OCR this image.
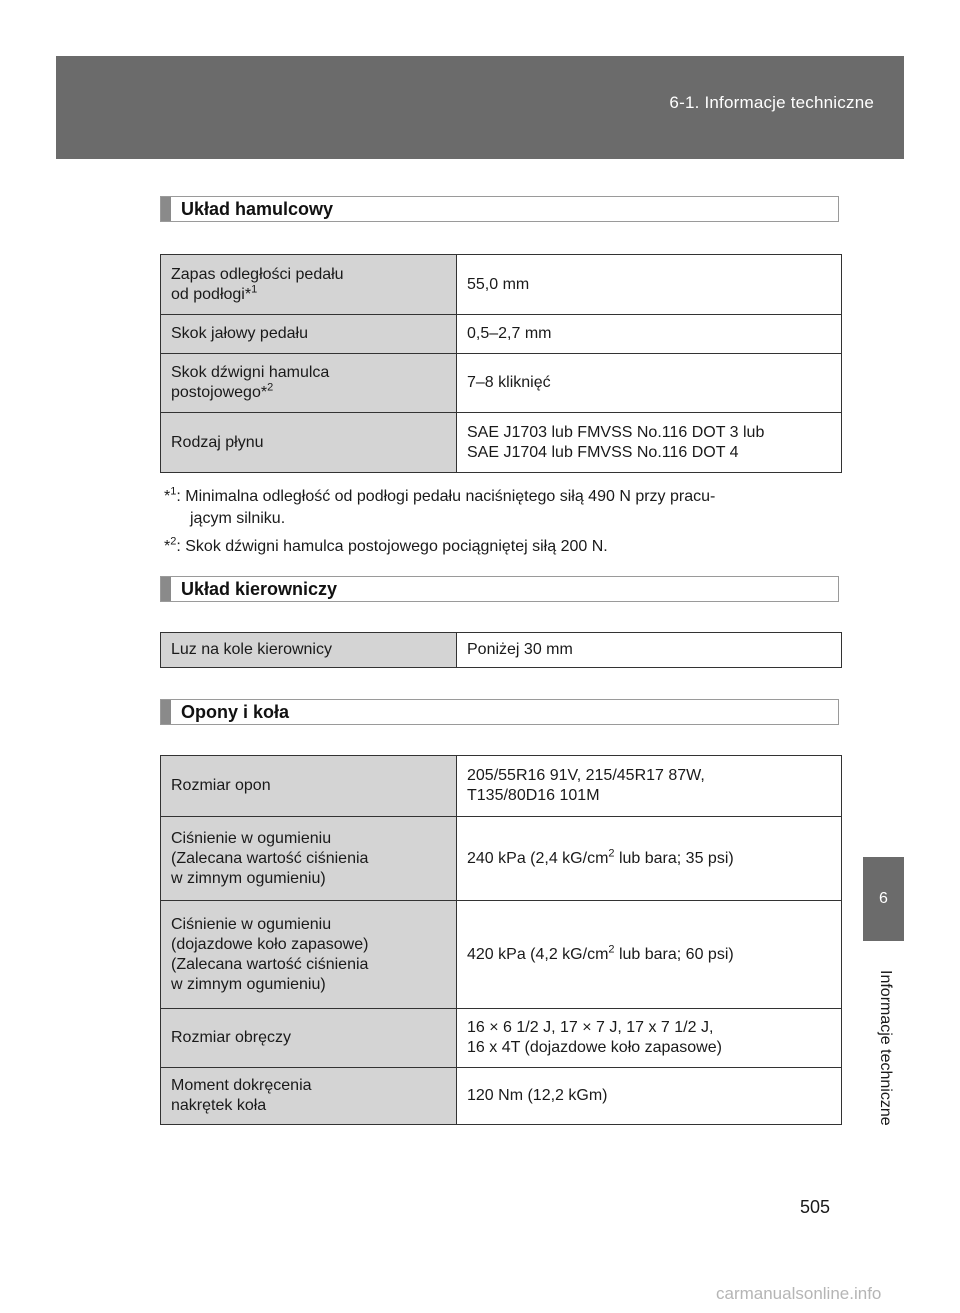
6-1. Informacje techniczne
6
Informacje techniczne
Układ hamulcowy
Zapas odległości pedału
od podłogi*$^1$	55,0 mm
Skok jałowy pedału	0,5–2,7 mm
Skok dźwigni hamulca
postojowego*$^2$	7–8 kliknięć
Rodzaj płynu	SAE J1703 lub FMVSS No.116 DOT 3 lub
SAE J1704 lub FMVSS No.116 DOT 4
*$^1$: Minimalna odległość od podłogi pedału naciśniętego siłą 490 N przy pracu-
jącym silniku.
*$^2$: Skok dźwigni hamulca postojowego pociągniętej siłą 200 N.
Układ kierowniczy
Luz na kole kierownicy	Poniżej 30 mm
Opony i koła
Rozmiar opon	205/55R16 91V, 215/45R17 87W,
T135/80D16 101M
Ciśnienie w ogumieniu
(Zalecana wartość ciśnienia
w zimnym ogumieniu)	240 kPa (2,4 $kG/cm^2$ lub bara; 35 psi)
Ciśnienie w ogumieniu
(dojazdowe koło zapasowe)
(Zalecana wartość ciśnienia
w zimnym ogumieniu)	420 kPa (4,2 $kG/cm^2$ lub bara; 60 psi)
Rozmiar obręczy	16 × 6 1/2 J, 17 × 7 J, 17 x 7 1/2 J,
16 x 4T (dojazdowe koło zapasowe)
Moment dokręcenia
nakrętek koła	120 Nm (12,2 kGm)
505
carmanualsonline.info
